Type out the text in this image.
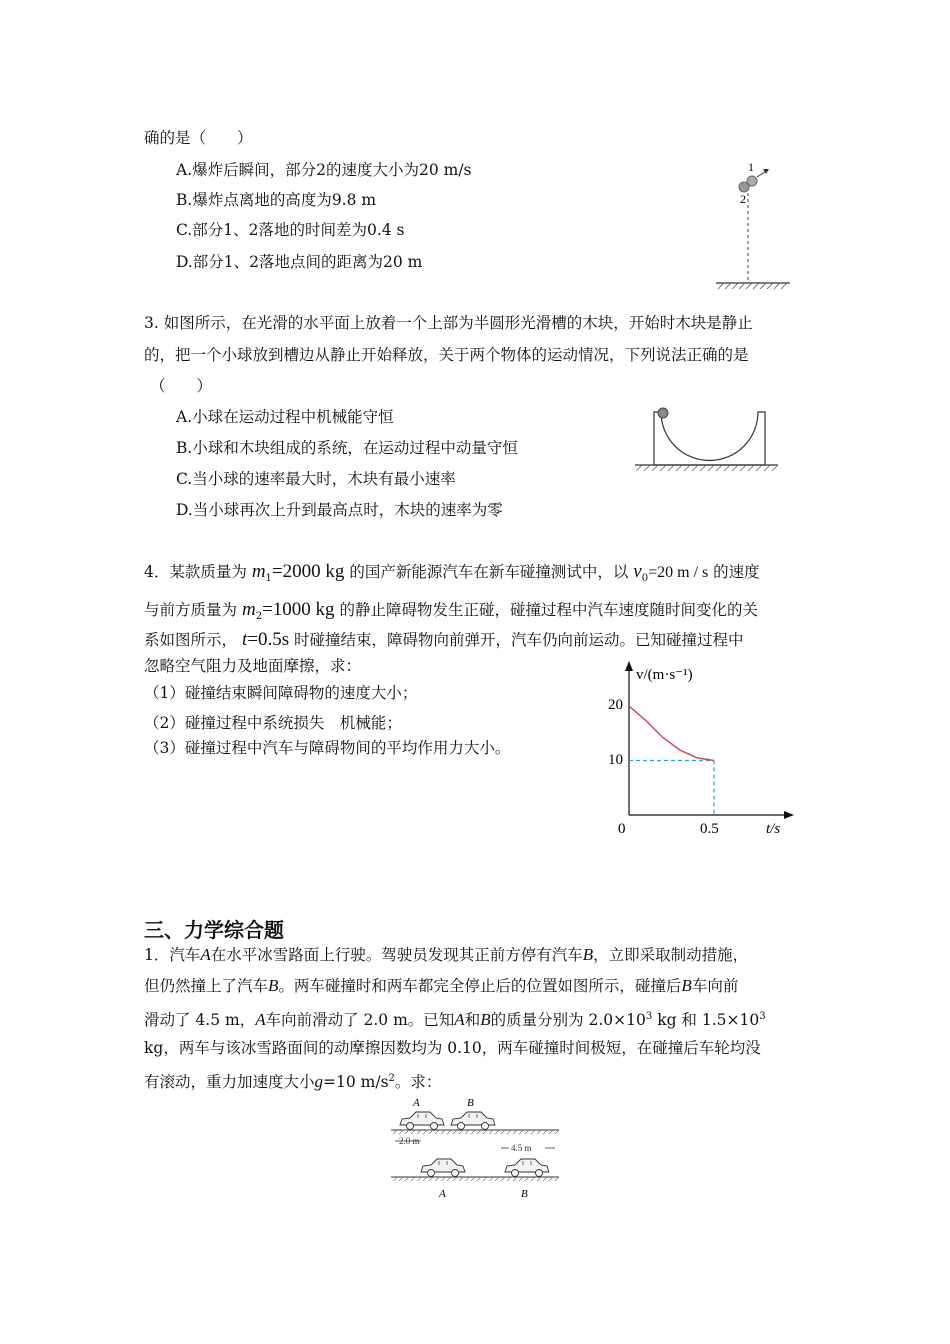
确的是（　　）
A.爆炸后瞬间，部分2的速度大小为20 m/s
B.爆炸点离地的高度为9.8 m
C.部分1、2落地的时间差为0.4 s
D.部分1、2落地点间的距离为20 m
1
2
3. 如图所示，在光滑的水平面上放着一个上部为半圆形光滑槽的木块，开始时木块是静止
的，把一个小球放到槽边从静止开始释放，关于两个物体的运动情况，下列说法正确的是
（　　）
A.小球在运动过程中机械能守恒
B.小球和木块组成的系统，在运动过程中动量守恒
C.当小球的速率最大时，木块有最小速率
D.当小球再次上升到最高点时，木块的速率为零
4．某款质量为 $m_1=2000$ kg 的国产新能源汽车在新车碰撞测试中，以 $v_0=20$ m / s 的速度
与前方质量为 $m_2=1000$ kg 的静止障碍物发生正碰，碰撞过程中汽车速度随时间变化的关
系如图所示， t=0.5s 时碰撞结束，障碍物向前弹开，汽车仍向前运动。已知碰撞过程中
忽略空气阻力及地面摩擦，求：
（1）碰撞结束瞬间障碍物的速度大小；
（2）碰撞过程中系统损失　机械能；
（3）碰撞过程中汽车与障碍物间的平均作用力大小。
v/(m·s⁻¹)
t/s
0
20
10
0.5
三、力学综合题
1．汽车A在水平冰雪路面上行驶。驾驶员发现其正前方停有汽车B，立即采取制动措施，
但仍然撞上了汽车B。两车碰撞时和两车都完全停止后的位置如图所示，碰撞后B车向前
滑动了 4.5 m，A车向前滑动了 2.0 m。已知A和B的质量分别为 $2.0\times 10^3$ kg 和 $1.5\times 10^3$
kg，两车与该冰雪路面间的动摩擦因数均为 0.10，两车碰撞时间极短，在碰撞后车轮均没
有滚动，重力加速度大小g=10 $m/s^2$。求：
A	B
2.0 m
4.5 m
A	B
